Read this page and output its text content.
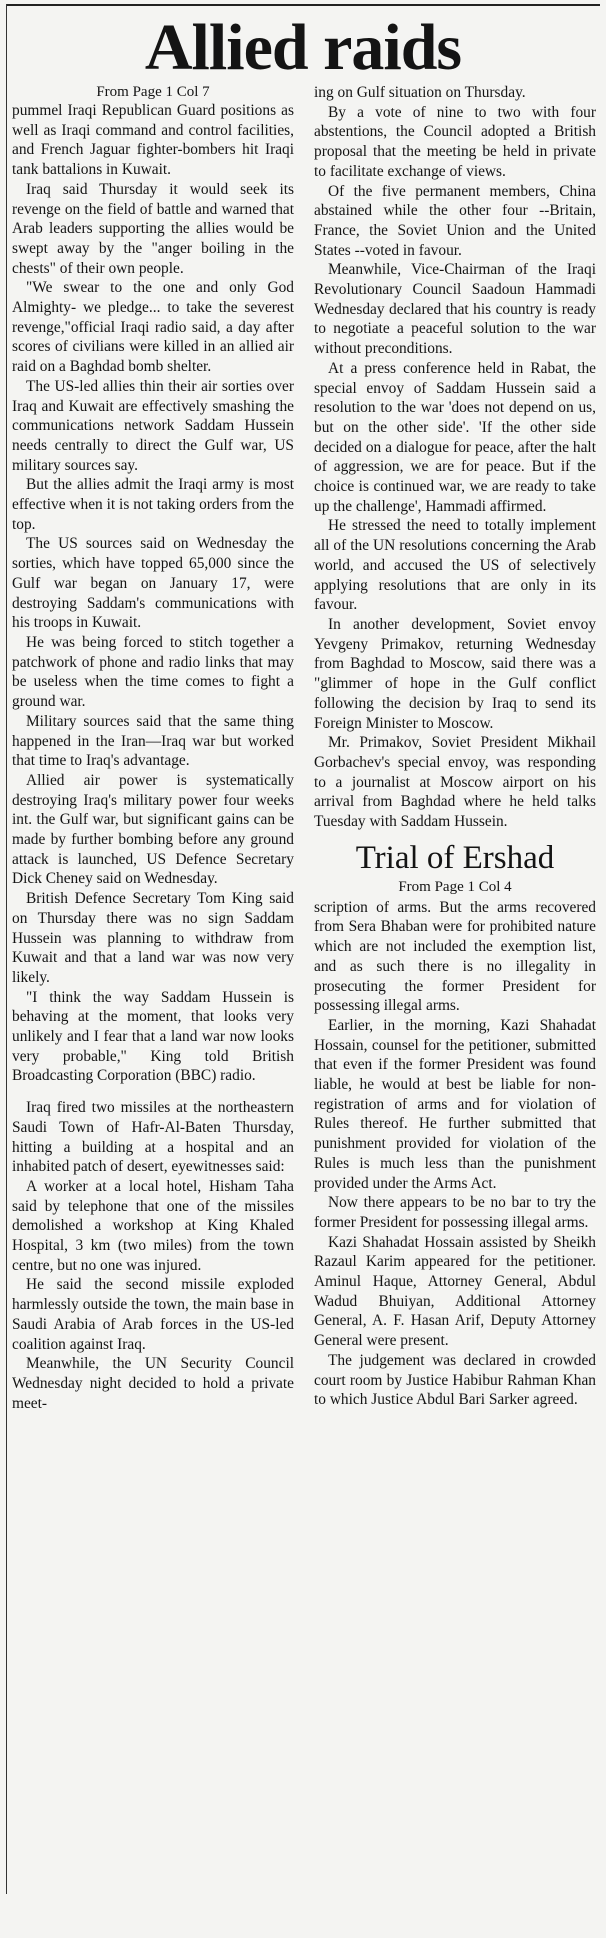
Allied raids
From Page 1 Col 7

pummel Iraqi Republican Guard positions as well as Iraqi command and control facilities, and French Jaguar fighter-bombers hit Iraqi tank battalions in Kuwait.

Iraq said Thursday it would seek its revenge on the field of battle and warned that Arab leaders supporting the allies would be swept away by the "anger boiling in the chests" of their own people.

"We swear to the one and only God Almighty- we pledge... to take the severest revenge,"official Iraqi radio said, a day after scores of civilians were killed in an allied air raid on a Baghdad bomb shelter.

The US-led allies thin their air sorties over Iraq and Kuwait are effectively smashing the communications network Saddam Hussein needs centrally to direct the Gulf war, US military sources say.

But the allies admit the Iraqi army is most effective when it is not taking orders from the top.

The US sources said on Wednesday the sorties, which have topped 65,000 since the Gulf war began on January 17, were destroying Saddam's communications with his troops in Kuwait.

He was being forced to stitch together a patchwork of phone and radio links that may be useless when the time comes to fight a ground war.

Military sources said that the same thing happened in the Iran—Iraq war but worked that time to Iraq's advantage.

Allied air power is systematically destroying Iraq's military power four weeks int. the Gulf war, but significant gains can be made by further bombing before any ground attack is launched, US Defence Secretary Dick Cheney said on Wednesday.

British Defence Secretary Tom King said on Thursday there was no sign Saddam Hussein was planning to withdraw from Kuwait and that a land war was now very likely.

"I think the way Saddam Hussein is behaving at the moment, that looks very unlikely and I fear that a land war now looks very probable," King told British Broadcasting Corporation (BBC) radio.

Iraq fired two missiles at the northeastern Saudi Town of Hafr-Al-Baten Thursday, hitting a building at a hospital and an inhabited patch of desert, eyewitnesses said:

A worker at a local hotel, Hisham Taha said by telephone that one of the missiles demolished a workshop at King Khaled Hospital, 3 km (two miles) from the town centre, but no one was injured.

He said the second missile exploded harmlessly outside the town, the main base in Saudi Arabia of Arab forces in the US-led coalition against Iraq.

Meanwhile, the UN Security Council Wednesday night decided to hold a private meet-

ing on Gulf situation on Thursday.

By a vote of nine to two with four abstentions, the Council adopted a British proposal that the meeting be held in private to facilitate exchange of views.

Of the five permanent members, China abstained while the other four --Britain, France, the Soviet Union and the United States --voted in favour.

Meanwhile, Vice-Chairman of the Iraqi Revolutionary Council Saadoun Hammadi Wednesday declared that his country is ready to negotiate a peaceful solution to the war without preconditions.

At a press conference held in Rabat, the special envoy of Saddam Hussein said a resolution to the war 'does not depend on us, but on the other side'. 'If the other side decided on a dialogue for peace, after the halt of aggression, we are for peace. But if the choice is continued war, we are ready to take up the challenge', Hammadi affirmed.

He stressed the need to totally implement all of the UN resolutions concerning the Arab world, and accused the US of selectively applying resolutions that are only in its favour.

In another development, Soviet envoy Yevgeny Primakov, returning Wednesday from Baghdad to Moscow, said there was a "glimmer of hope in the Gulf conflict following the decision by Iraq to send its Foreign Minister to Moscow.

Mr. Primakov, Soviet President Mikhail Gorbachev's special envoy, was responding to a journalist at Moscow airport on his arrival from Baghdad where he held talks Tuesday with Saddam Hussein.

Trial of Ershad
From Page 1 Col 4

scription of arms. But the arms recovered from Sera Bhaban were for prohibited nature which are not included the exemption list, and as such there is no illegality in prosecuting the former President for possessing illegal arms.

Earlier, in the morning, Kazi Shahadat Hossain, counsel for the petitioner, submitted that even if the former President was found liable, he would at best be liable for non-registration of arms and for violation of Rules thereof. He further submitted that punishment provided for violation of the Rules is much less than the punishment provided under the Arms Act.

Now there appears to be no bar to try the former President for possessing illegal arms.

Kazi Shahadat Hossain assisted by Sheikh Razaul Karim appeared for the petitioner. Aminul Haque, Attorney General, Abdul Wadud Bhuiyan, Additional Attorney General, A. F. Hasan Arif, Deputy Attorney General were present.

The judgement was declared in crowded court room by Justice Habibur Rahman Khan to which Justice Abdul Bari Sarker agreed.
